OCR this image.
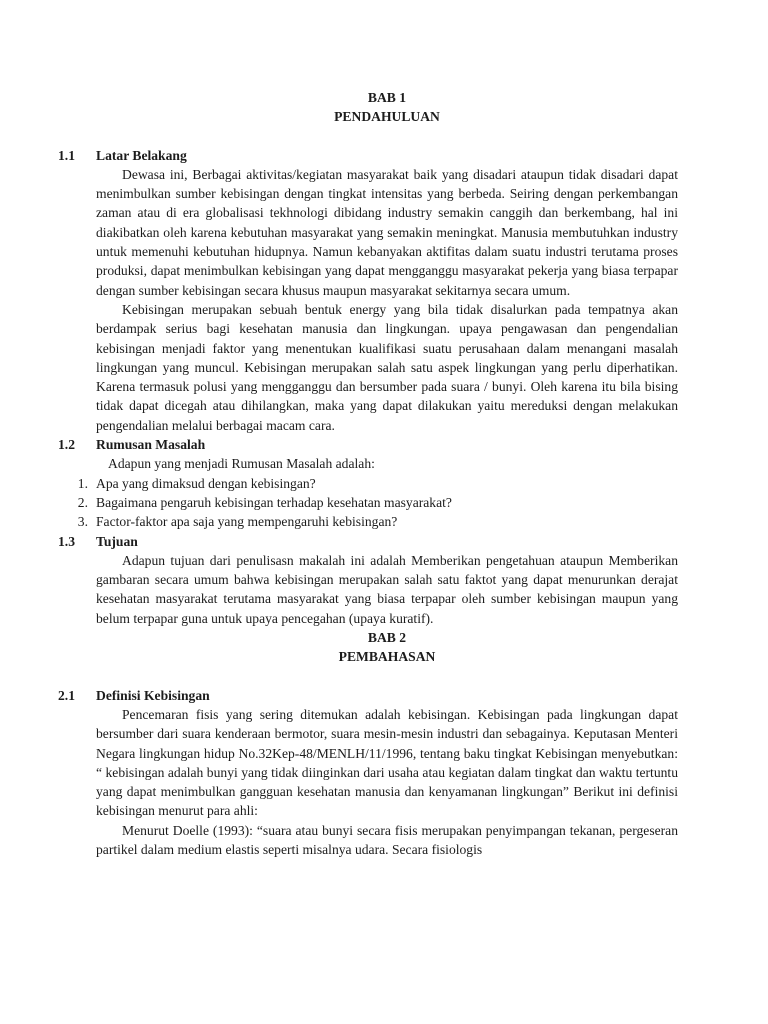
BAB 1
PENDAHULUAN
1.1	Latar Belakang

Dewasa ini, Berbagai aktivitas/kegiatan masyarakat baik yang disadari ataupun tidak disadari dapat menimbulkan sumber kebisingan dengan tingkat intensitas yang berbeda. Seiring dengan perkembangan zaman atau di era globalisasi tekhnologi dibidang industry semakin canggih dan berkembang, hal ini diakibatkan oleh karena kebutuhan masyarakat yang semakin meningkat. Manusia membutuhkan industry untuk memenuhi kebutuhan hidupnya. Namun kebanyakan aktifitas dalam suatu industri terutama proses produksi, dapat menimbulkan kebisingan yang dapat mengganggu masyarakat pekerja yang biasa terpapar dengan sumber kebisingan secara khusus maupun masyarakat sekitarnya secara umum.

Kebisingan merupakan sebuah bentuk energy yang bila tidak disalurkan pada tempatnya akan berdampak serius bagi kesehatan manusia dan lingkungan. upaya pengawasan dan pengendalian kebisingan menjadi faktor yang menentukan kualifikasi suatu perusahaan dalam menangani masalah lingkungan yang muncul. Kebisingan merupakan salah satu aspek lingkungan yang perlu diperhatikan. Karena termasuk polusi yang mengganggu dan bersumber pada suara / bunyi. Oleh karena itu bila bising tidak dapat dicegah atau dihilangkan, maka yang dapat dilakukan yaitu mereduksi dengan melakukan pengendalian melalui berbagai macam cara.

1.2	Rumusan Masalah

Adapun yang menjadi Rumusan Masalah adalah:

1. Apa yang dimaksud dengan kebisingan?
2. Bagaimana pengaruh kebisingan terhadap kesehatan masyarakat?
3. Factor-faktor apa saja yang mempengaruhi kebisingan?
1.3	Tujuan

Adapun tujuan dari penulisasn makalah ini adalah Memberikan pengetahuan ataupun Memberikan gambaran secara umum bahwa kebisingan merupakan salah satu faktot yang dapat menurunkan derajat kesehatan masyarakat terutama masyarakat yang biasa terpapar oleh sumber kebisingan maupun yang belum terpapar guna untuk upaya pencegahan (upaya kuratif).

BAB 2
PEMBAHASAN
2.1	Definisi Kebisingan

Pencemaran fisis yang sering ditemukan adalah kebisingan. Kebisingan pada lingkungan dapat bersumber dari suara kenderaan bermotor, suara mesin-mesin industri dan sebagainya. Keputasan Menteri Negara lingkungan hidup No.32Kep-48/MENLH/11/1996, tentang baku tingkat Kebisingan menyebutkan: “ kebisingan adalah bunyi yang tidak diinginkan dari usaha atau kegiatan dalam tingkat dan waktu tertuntu yang dapat menimbulkan gangguan kesehatan manusia dan kenyamanan lingkungan” Berikut ini definisi kebisingan menurut para ahli:

Menurut Doelle (1993): “suara atau bunyi secara fisis merupakan penyimpangan tekanan, pergeseran partikel dalam medium elastis seperti misalnya udara. Secara fisiologis
